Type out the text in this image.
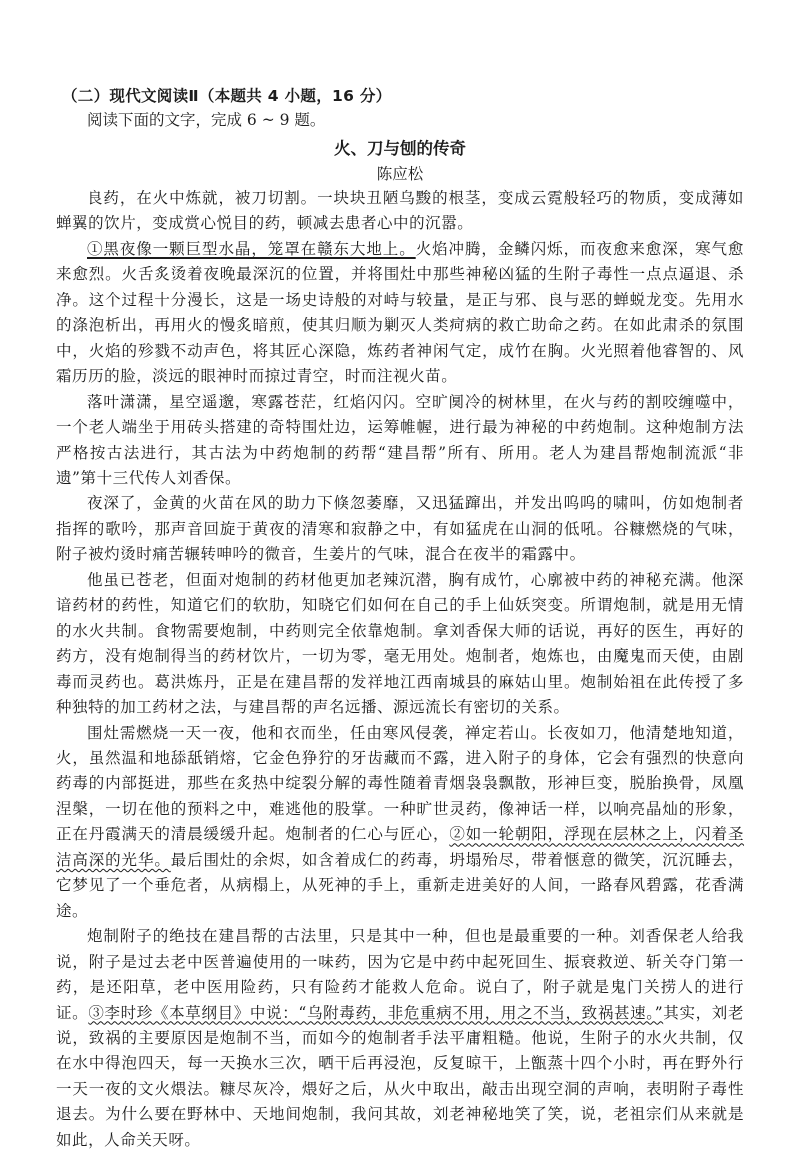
（二）现代文阅读Ⅱ（本题共 4 小题，16 分）

阅读下面的文字，完成 6 ~ 9 题。

火、刀与刨的传奇
陈应松

良药，在火中炼就，被刀切割。一块块丑陋乌黢的根茎，变成云霓般轻巧的物质，变成薄如蝉翼的饮片，变成赏心悦目的药，顿减去患者心中的沉嚣。

①黑夜像一颗巨型水晶，笼罩在赣东大地上。火焰冲腾，金鳞闪烁，而夜愈来愈深，寒气愈来愈烈。火舌炙烫着夜晚最深沉的位置，并将围灶中那些神秘凶猛的生附子毒性一点点逼退、杀净。这个过程十分漫长，这是一场史诗般的对峙与较量，是正与邪、良与恶的蝉蜕龙变。先用水的涤泡析出，再用火的慢炙暗煎，使其归顺为剿灭人类疴病的救亡助命之药。在如此肃杀的氛围中，火焰的殄戮不动声色，将其匠心深隐，炼药者神闲气定，成竹在胸。火光照着他睿智的、风霜历历的脸，淡远的眼神时而掠过青空，时而注视火苗。

落叶潇潇，星空遥邈，寒露苍茫，红焰闪闪。空旷阒冷的树林里，在火与药的割咬缠噬中，一个老人端坐于用砖头搭建的奇特围灶边，运筹帷幄，进行最为神秘的中药炮制。这种炮制方法严格按古法进行，其古法为中药炮制的药帮“建昌帮”所有、所用。老人为建昌帮炮制流派“非遗”第十三代传人刘香保。

夜深了，金黄的火苗在风的助力下倏忽萎靡，又迅猛蹿出，并发出呜呜的啸叫，仿如炮制者指挥的歌吟，那声音回旋于黄夜的清寒和寂静之中，有如猛虎在山洞的低吼。谷糠燃烧的气味，附子被灼烫时痛苦辗转呻吟的微音，生姜片的气味，混合在夜半的霜露中。

他虽已苍老，但面对炮制的药材他更加老辣沉潜，胸有成竹，心廓被中药的神秘充满。他深谙药材的药性，知道它们的软肋，知晓它们如何在自己的手上仙妖突变。所谓炮制，就是用无情的水火共制。食物需要炮制，中药则完全依靠炮制。拿刘香保大师的话说，再好的医生，再好的药方，没有炮制得当的药材饮片，一切为零，毫无用处。炮制者，炮炼也，由魔鬼而天使，由剧毒而灵药也。葛洪炼丹，正是在建昌帮的发祥地江西南城县的麻姑山里。炮制始祖在此传授了多种独特的加工药材之法，与建昌帮的声名远播、源远流长有密切的关系。

围灶需燃烧一天一夜，他和衣而坐，任由寒风侵袭，禅定若山。长夜如刀，他清楚地知道，火，虽然温和地舔舐销熔，它金色狰狞的牙齿藏而不露，进入附子的身体，它会有强烈的快意向药毒的内部挺进，那些在炙热中绽裂分解的毒性随着青烟袅袅飘散，形神巨变，脱胎换骨，凤凰涅槃，一切在他的预料之中，难逃他的股掌。一种旷世灵药，像神话一样，以响亮晶灿的形象，正在丹霞满天的清晨缓缓升起。炮制者的仁心与匠心，②如一轮朝阳，浮现在层林之上，闪着圣洁高深的光华。最后围灶的余烬，如含着成仁的药毒，坍塌殆尽，带着惬意的微笑，沉沉睡去，它梦见了一个垂危者，从病榻上，从死神的手上，重新走进美好的人间，一路春风碧露，花香满途。

炮制附子的绝技在建昌帮的古法里，只是其中一种，但也是最重要的一种。刘香保老人给我说，附子是过去老中医普遍使用的一味药，因为它是中药中起死回生、振衰救逆、斩关夺门第一药，是还阳草，老中医用险药，只有险药才能救人危命。说白了，附子就是鬼门关捞人的进行证。③李时珍《本草纲目》中说：“乌附毒药，非危重病不用，用之不当，致祸甚速。”其实，刘老说，致祸的主要原因是炮制不当，而如今的炮制者手法平庸粗糙。他说，生附子的水火共制，仅在水中得泡四天，每一天换水三次，晒干后再浸泡，反复晾干，上甑蒸十四个小时，再在野外行一天一夜的文火煨法。糠尽灰冷，煨好之后，从火中取出，敲击出现空洞的声响，表明附子毒性退去。为什么要在野林中、天地间炮制，我问其故，刘老神秘地笑了笑，说，老祖宗们从来就是如此，人命关天呀。
